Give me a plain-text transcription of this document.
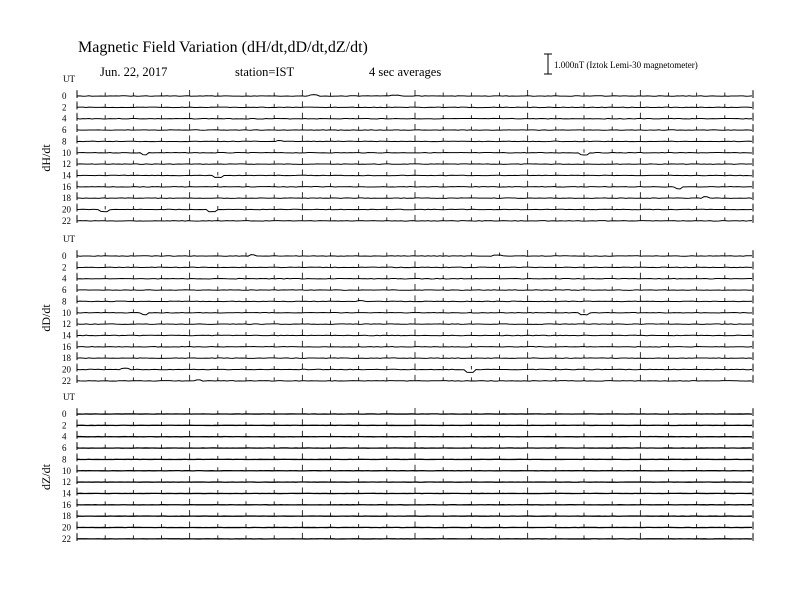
UT
dH/dt
0
2
4
6
8
10
12
14
16
18
20
22
UT
dD/dt
0
2
4
6
8
10
12
14
16
18
20
22
UT
dZ/dt
0
2
4
6
8
10
12
14
16
18
20
22
Magnetic Field Variation (dH/dt,dD/dt,dZ/dt)
Jun. 22, 2017	station=IST	4 sec averages	1.000nT (Iztok Lemi-30 magnetometer)
